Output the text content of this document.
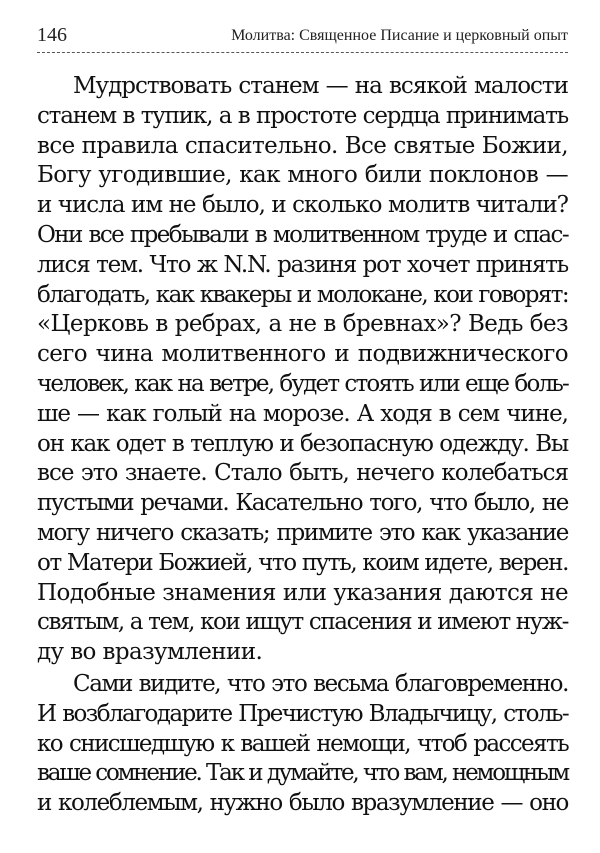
146	Молитва: Священное Писание и церковный опыт
Мудрствовать станем — на всякой малости
станем в тупик, а в простоте сердца принимать
все правила спасительно. Все святые Божии,
Богу угодившие, как много били поклонов —
и числа им не было, и сколько молитв читали?
Они все пребывали в молитвенном труде и спас-
лися тем. Что ж N.N. разиня рот хочет принять
благодать, как квакеры и молокане, кои говорят:
«Церковь в ребрах, а не в бревнах»? Ведь без
сего чина молитвенного и подвижнического
человек, как на ветре, будет стоять или еще боль-
ше — как голый на морозе. А ходя в сем чине,
он как одет в теплую и безопасную одежду. Вы
все это знаете. Стало быть, нечего колебаться
пустыми речами. Касательно того, что было, не
могу ничего сказать; примите это как указание
от Матери Божией, что путь, коим идете, верен.
Подобные знамения или указания даются не
святым, а тем, кои ищут спасения и имеют нуж-
ду во вразумлении.
Сами видите, что это весьма благовременно.
И возблагодарите Пречистую Владычицу, столь-
ко снисшедшую к вашей немощи, чтоб рассеять
ваше сомнение. Так и думайте, что вам, немощным
и колеблемым, нужно было вразумление — оно
